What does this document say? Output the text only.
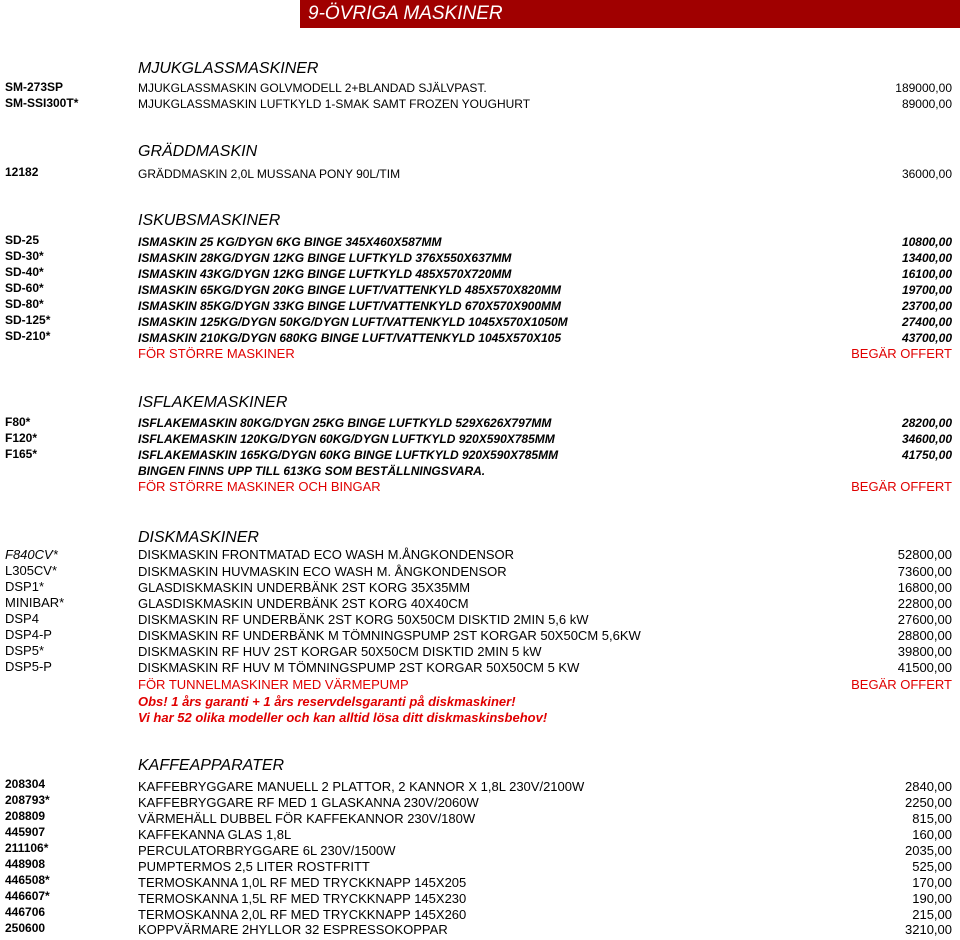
9-ÖVRIGA MASKINER
MJUKGLASSMASKINER
SM-273SP	MJUKGLASSMASKIN GOLVMODELL 2+BLANDAD SJÄLVPAST.	189000,00
SM-SSI300T*	MJUKGLASSMASKIN LUFTKYLD 1-SMAK SAMT FROZEN YOUGHURT	89000,00
GRÄDDMASKIN
12182	GRÄDDMASKIN 2,0L MUSSANA PONY 90L/TIM	36000,00
ISKUBSMASKINER
SD-25	ISMASKIN 25 KG/DYGN 6KG BINGE 345X460X587MM	10800,00
SD-30*	ISMASKIN 28KG/DYGN 12KG BINGE LUFTKYLD 376X550X637MM	13400,00
SD-40*	ISMASKIN 43KG/DYGN 12KG BINGE LUFTKYLD 485X570X720MM	16100,00
SD-60*	ISMASKIN 65KG/DYGN 20KG BINGE LUFT/VATTENKYLD 485X570X820MM	19700,00
SD-80*	ISMASKIN 85KG/DYGN 33KG BINGE LUFT/VATTENKYLD 670X570X900MM	23700,00
SD-125*	ISMASKIN 125KG/DYGN 50KG/DYGN LUFT/VATTENKYLD 1045X570X1050M	27400,00
SD-210*	ISMASKIN 210KG/DYGN 680KG BINGE LUFT/VATTENKYLD 1045X570X105	43700,00
FÖR STÖRRE MASKINER	BEGÄR OFFERT
ISFLAKEMASKINER
F80*	ISFLAKEMASKIN 80KG/DYGN 25KG BINGE LUFTKYLD 529X626X797MM	28200,00
F120*	ISFLAKEMASKIN 120KG/DYGN 60KG/DYGN LUFTKYLD 920X590X785MM	34600,00
F165*	ISFLAKEMASKIN 165KG/DYGN 60KG BINGE LUFTKYLD 920X590X785MM	41750,00
BINGEN FINNS UPP TILL 613KG SOM BESTÄLLNINGSVARA.
FÖR STÖRRE MASKINER OCH BINGAR	BEGÄR OFFERT
DISKMASKINER
F840CV*	DISKMASKIN FRONTMATAD ECO WASH M.ÅNGKONDENSOR	52800,00
L305CV*	DISKMASKIN HUVMASKIN ECO WASH M. ÅNGKONDENSOR	73600,00
DSP1*	GLASDISKMASKIN UNDERBÄNK 2ST KORG 35X35MM	16800,00
MINIBAR*	GLASDISKMASKIN UNDERBÄNK 2ST KORG 40X40CM	22800,00
DSP4	DISKMASKIN RF UNDERBÄNK 2ST KORG 50X50CM DISKTID 2MIN 5,6 kW	27600,00
DSP4-P	DISKMASKIN RF UNDERBÄNK M TÖMNINGSPUMP 2ST KORGAR 50X50CM 5,6KW	28800,00
DSP5*	DISKMASKIN RF HUV 2ST KORGAR 50X50CM DISKTID 2MIN 5 kW	39800,00
DSP5-P	DISKMASKIN RF HUV M TÖMNINGSPUMP 2ST KORGAR 50X50CM 5 KW	41500,00
FÖR TUNNELMASKINER MED VÄRMEPUMP	BEGÄR OFFERT
Obs! 1 års garanti + 1 års reservdelsgaranti på diskmaskiner!
Vi har 52 olika modeller och kan alltid lösa ditt diskmaskinsbehov!
KAFFEAPPARATER
208304	KAFFEBRYGGARE MANUELL 2 PLATTOR, 2 KANNOR X 1,8L 230V/2100W	2840,00
208793*	KAFFEBRYGGARE RF MED 1 GLASKANNA 230V/2060W	2250,00
208809	VÄRMEHÄLL DUBBEL FÖR KAFFEKANNOR 230V/180W	815,00
445907	KAFFEKANNA GLAS 1,8L	160,00
211106*	PERCULATORBRYGGARE 6L 230V/1500W	2035,00
448908	PUMPTERMOS 2,5 LITER ROSTFRITT	525,00
446508*	TERMOSKANNA 1,0L RF MED TRYCKKNAPP 145X205	170,00
446607*	TERMOSKANNA 1,5L RF MED TRYCKKNAPP 145X230	190,00
446706	TERMOSKANNA 2,0L RF MED TRYCKKNAPP 145X260	215,00
250600	KOPPVÄRMARE 2HYLLOR 32 ESPRESSOKOPPAR	3210,00
